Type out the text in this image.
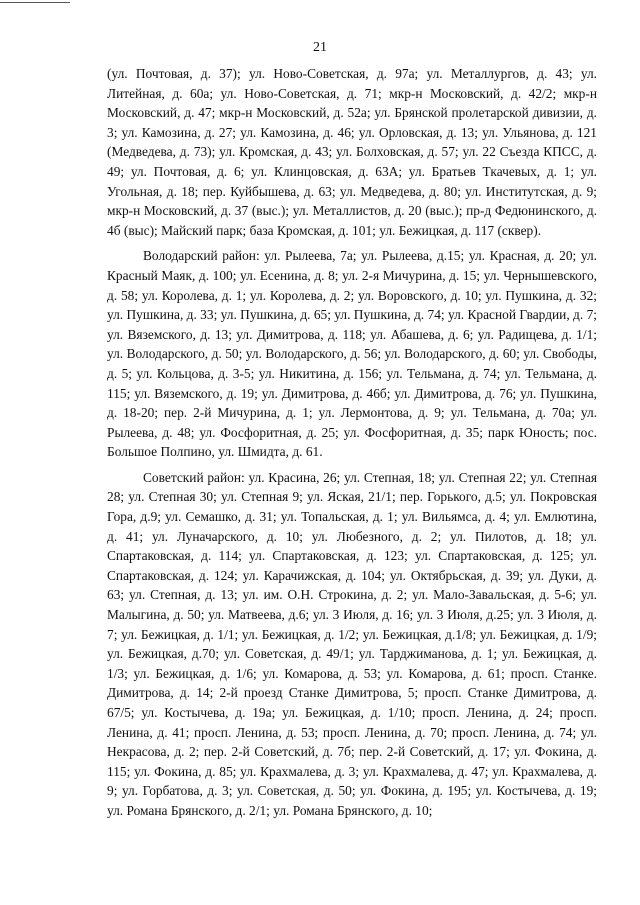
21

(ул. Почтовая, д. 37); ул. Ново-Советская, д. 97а; ул. Металлургов, д. 43; ул. Литейная, д. 60а; ул. Ново-Советская, д. 71; мкр-н Московский, д. 42/2; мкр-н Московский, д. 47; мкр-н Московский, д. 52а; ул. Брянской пролетарской дивизии, д. 3; ул. Камозина, д. 27; ул. Камозина, д. 46; ул. Орловская, д. 13; ул. Ульянова, д. 121 (Медведева, д. 73); ул. Кромская, д. 43; ул. Болховская, д. 57; ул. 22 Съезда КПСС, д. 49; ул. Почтовая, д. 6; ул. Клинцовская, д. 63А; ул. Братьев Ткачевых, д. 1; ул. Угольная, д. 18; пер. Куйбышева, д. 63; ул. Медведева, д. 80; ул. Институтская, д. 9; мкр-н Московский, д. 37 (выс.); ул. Металлистов, д. 20 (выс.); пр-д Федюнинского, д. 4б (выс); Майский парк; база Кромская, д. 101; ул. Бежицкая, д. 117 (сквер).

Володарский район: ул. Рылеева, 7а; ул. Рылеева, д.15; ул. Красная, д. 20; ул. Красный Маяк, д. 100; ул. Есенина, д. 8; ул. 2-я Мичурина, д. 15; ул. Чернышевского, д. 58; ул. Королева, д. 1; ул. Королева, д. 2; ул. Воровского, д. 10; ул. Пушкина, д. 32; ул. Пушкина, д. 33; ул. Пушкина, д. 65; ул. Пушкина, д. 74; ул. Красной Гвардии, д. 7; ул. Вяземского, д. 13; ул. Димитрова, д. 118; ул. Абашева, д. 6; ул. Радищева, д. 1/1; ул. Володарского, д. 50; ул. Володарского, д. 56; ул. Володарского, д. 60; ул. Свободы, д. 5; ул. Кольцова, д. 3-5; ул. Никитина, д. 156; ул. Тельмана, д. 74; ул. Тельмана, д. 115; ул. Вяземского, д. 19; ул. Димитрова, д. 46б; ул. Димитрова, д. 76; ул. Пушкина, д. 18-20; пер. 2-й Мичурина, д. 1; ул. Лермонтова, д. 9; ул. Тельмана, д. 70а; ул. Рылеева, д. 48; ул. Фосфоритная, д. 25; ул. Фосфоритная, д. 35; парк Юность; пос. Большое Полпино, ул. Шмидта, д. 61.

Советский район: ул. Красина, 26; ул. Степная, 18; ул. Степная 22; ул. Степная 28; ул. Степная 30; ул. Степная 9; ул. Яская, 21/1; пер. Горького, д.5; ул. Покровская Гора, д.9; ул. Семашко, д. 31; ул. Топальская, д. 1; ул. Вильямса, д. 4; ул. Емлютина, д. 41; ул. Луначарского, д. 10; ул. Любезного, д. 2; ул. Пилотов, д. 18; ул. Спартаковская, д. 114; ул. Спартаковская, д. 123; ул. Спартаковская, д. 125; ул. Спартаковская, д. 124; ул. Карачижская, д. 104; ул. Октябрьская, д. 39; ул. Дуки, д. 63; ул. Степная, д. 13; ул. им. О.Н. Строкина, д. 2; ул. Мало-Завальская, д. 5-6; ул. Малыгина, д. 50; ул. Матвеева, д.6; ул. 3 Июля, д. 16; ул. 3 Июля, д.25; ул. 3 Июля, д. 7; ул. Бежицкая, д. 1/1; ул. Бежицкая, д. 1/2; ул. Бежицкая, д.1/8; ул. Бежицкая, д. 1/9; ул. Бежицкая, д.70; ул. Советская, д. 49/1; ул. Тарджиманова, д. 1; ул. Бежицкая, д. 1/3; ул. Бежицкая, д. 1/6; ул. Комарова, д. 53; ул. Комарова, д. 61; просп. Станке. Димитрова, д. 14; 2-й проезд Станке Димитрова, 5; просп. Станке Димитрова, д. 67/5; ул. Костычева, д. 19а; ул. Бежицкая, д. 1/10; просп. Ленина, д. 24; просп. Ленина, д. 41; просп. Ленина, д. 53; просп. Ленина, д. 70; просп. Ленина, д. 74; ул. Некрасова, д. 2; пер. 2-й Советский, д. 7б; пер. 2-й Советский, д. 17; ул. Фокина, д. 115; ул. Фокина, д. 85; ул. Крахмалева, д. 3; ул. Крахмалева, д. 47; ул. Крахмалева, д. 9; ул. Горбатова, д. 3; ул. Советская, д. 50; ул. Фокина, д. 195; ул. Костычева, д. 19; ул. Романа Брянского, д. 2/1; ул. Романа Брянского, д. 10;
